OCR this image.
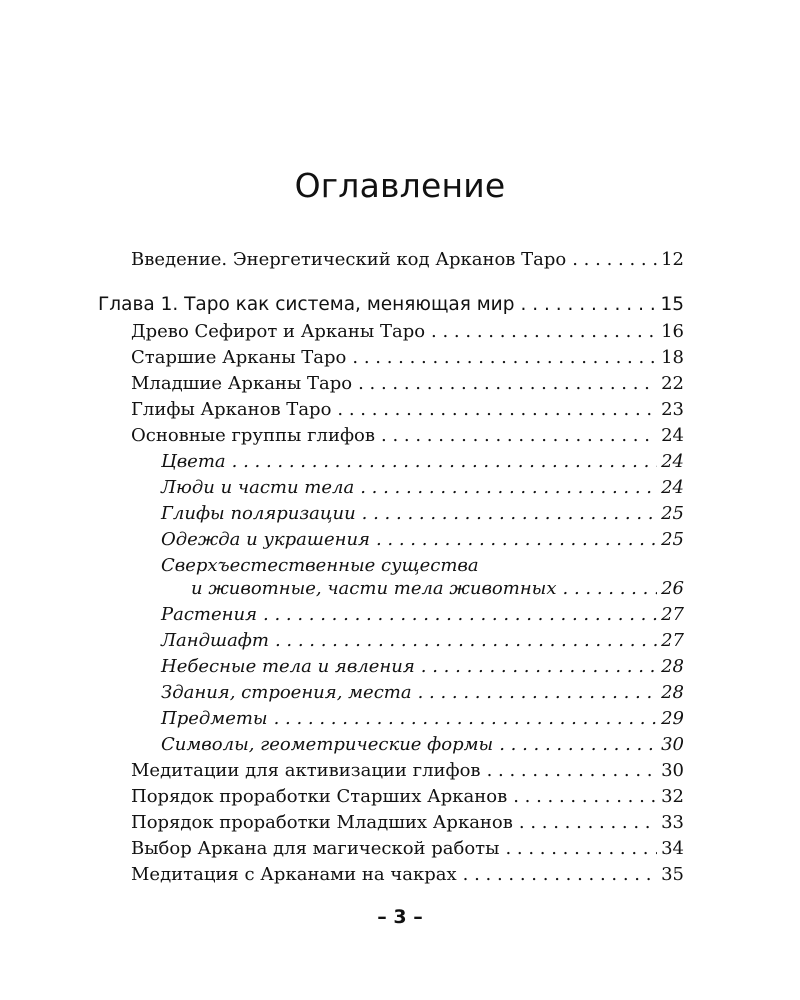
Оглавление
Введение. Энергетический код Арканов Таро . . .	12
Глава 1. Таро как система, меняющая мир . . .	15
Древо Сефирот и Арканы Таро . . .	16
Старшие Арканы Таро . . .	18
Младшие Арканы Таро . . .	22
Глифы Арканов Таро . . .	23
Основные группы глифов . . .	24
Цвета . . .	24
Люди и части тела . . .	24
Глифы поляризации . . .	25
Одежда и украшения . . .	25
Сверхъестественные существа
и животные, части тела животных . . .	26
Растения . . .	27
Ландшафт . . .	27
Небесные тела и явления . . .	28
Здания, строения, места . . .	28
Предметы . . .	29
Символы, геометрические формы . . .	30
Медитации для активизации глифов . . .	30
Порядок проработки Старших Арканов . . .	32
Порядок проработки Младших Арканов . . .	33
Выбор Аркана для магической работы . . .	34
Медитация с Арканами на чакрах . . .	35
– 3 –
